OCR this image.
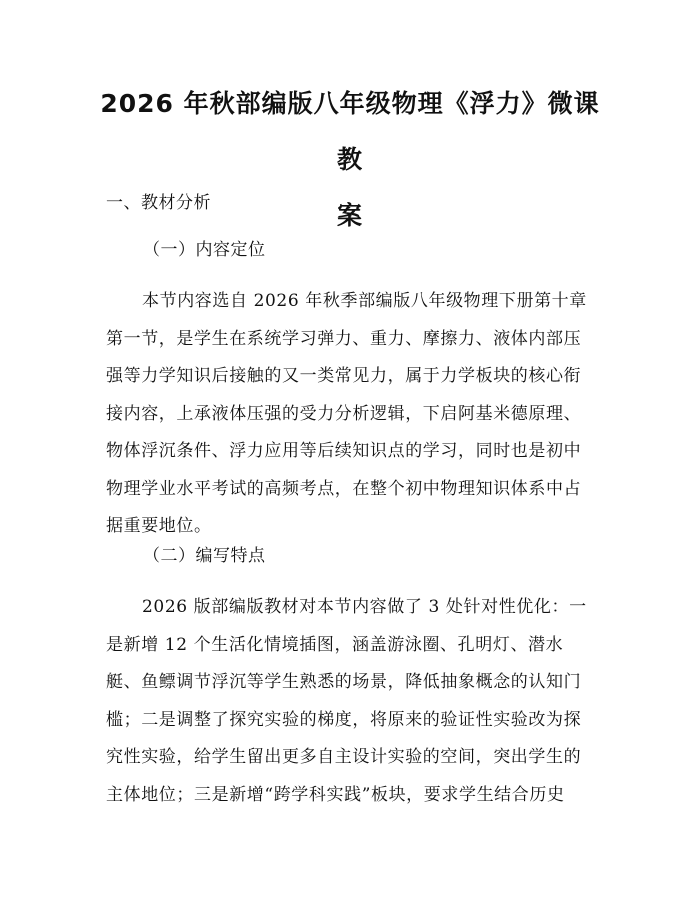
2026 年秋部编版八年级物理《浮力》微课教
案
一、教材分析
（一）内容定位
本节内容选自 2026 年秋季部编版八年级物理下册第十章
第一节，是学生在系统学习弹力、重力、摩擦力、液体内部压
强等力学知识后接触的又一类常见力，属于力学板块的核心衔
接内容，上承液体压强的受力分析逻辑，下启阿基米德原理、
物体浮沉条件、浮力应用等后续知识点的学习，同时也是初中
物理学业水平考试的高频考点，在整个初中物理知识体系中占
据重要地位。
（二）编写特点
2026 版部编版教材对本节内容做了 3 处针对性优化：一
是新增 12 个生活化情境插图，涵盖游泳圈、孔明灯、潜水
艇、鱼鳔调节浮沉等学生熟悉的场景，降低抽象概念的认知门
槛；二是调整了探究实验的梯度，将原来的验证性实验改为探
究性实验，给学生留出更多自主设计实验的空间，突出学生的
主体地位；三是新增“跨学科实践”板块，要求学生结合历史
